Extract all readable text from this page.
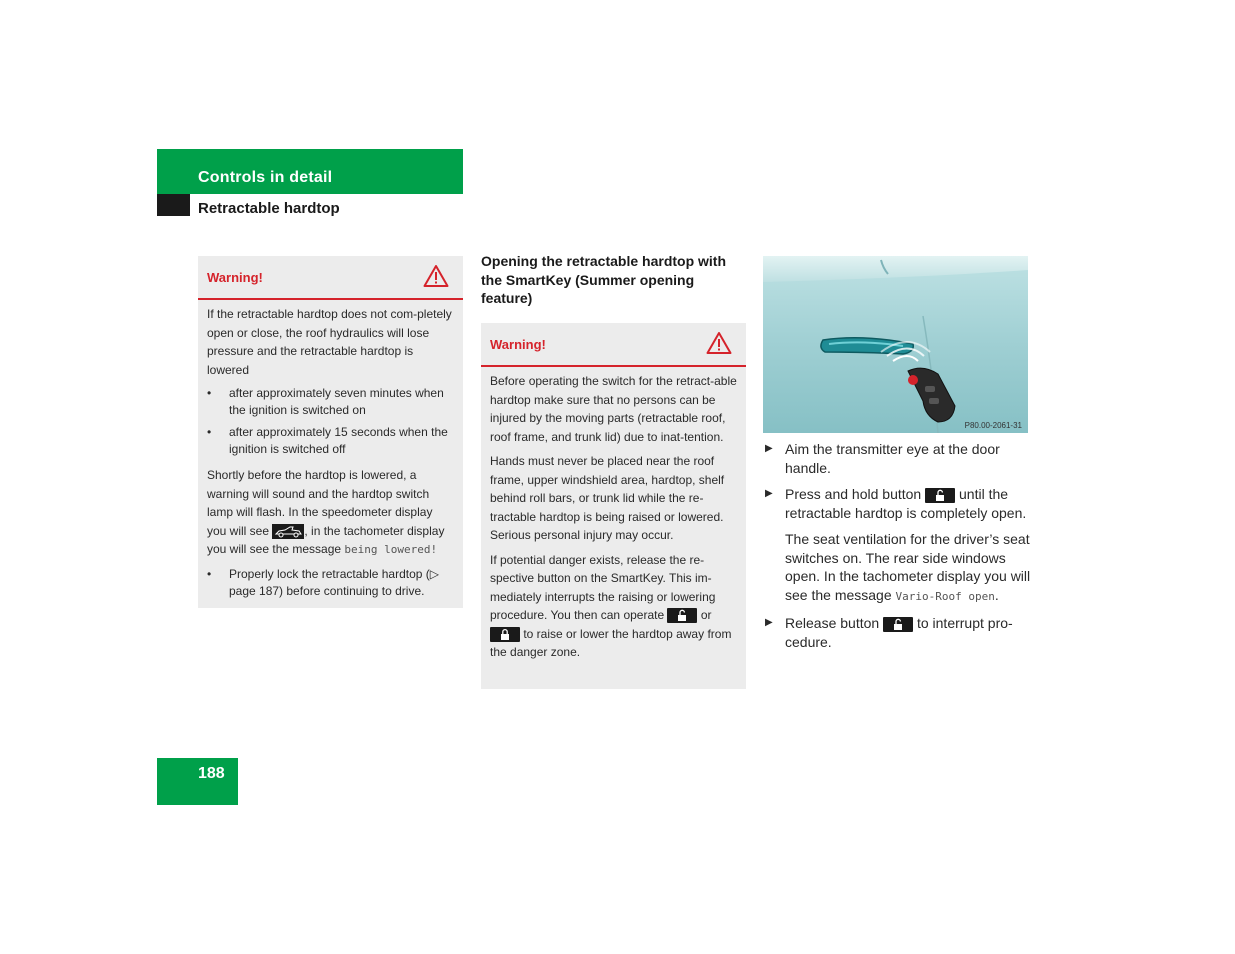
Controls in detail
Retractable hardtop
Warning!

If the retractable hardtop does not com-pletely open or close, the roof hydraulics will lose pressure and the retractable hardtop is lowered

• after approximately seven minutes when the ignition is switched on
• after approximately 15 seconds when the ignition is switched off

Shortly before the hardtop is lowered, a warning will sound and the hardtop switch lamp will flash. In the speedometer display you will see	, in the tachometer display you will see the message being lowered!

• Properly lock the retractable hardtop (▷ page 187) before continuing to drive.
Opening the retractable hardtop with the SmartKey (Summer opening feature)
Warning!

Before operating the switch for the retract-able hardtop make sure that no persons can be injured by the moving parts (retractable roof, roof frame, and trunk lid) due to inat-tention.

Hands must never be placed near the roof frame, upper windshield area, hardtop, shelf behind roll bars, or trunk lid while the re-tractable hardtop is being raised or lowered. Serious personal injury may occur.

If potential danger exists, release the re-spective button on the SmartKey. This im-mediately interrupts the raising or lowering procedure. You then can operate	or

to raise or lower the hardtop away from the danger zone.

P80.00-2061-31
▶ Aim the transmitter eye at the door handle.
▶ Press and hold button	until the retractable hardtop is completely open.
The seat ventilation for the driver’s seat switches on. The rear side windows open. In the tachometer display you will see the message Vario-Roof open.
▶ Release button	to interrupt pro-cedure.
188
